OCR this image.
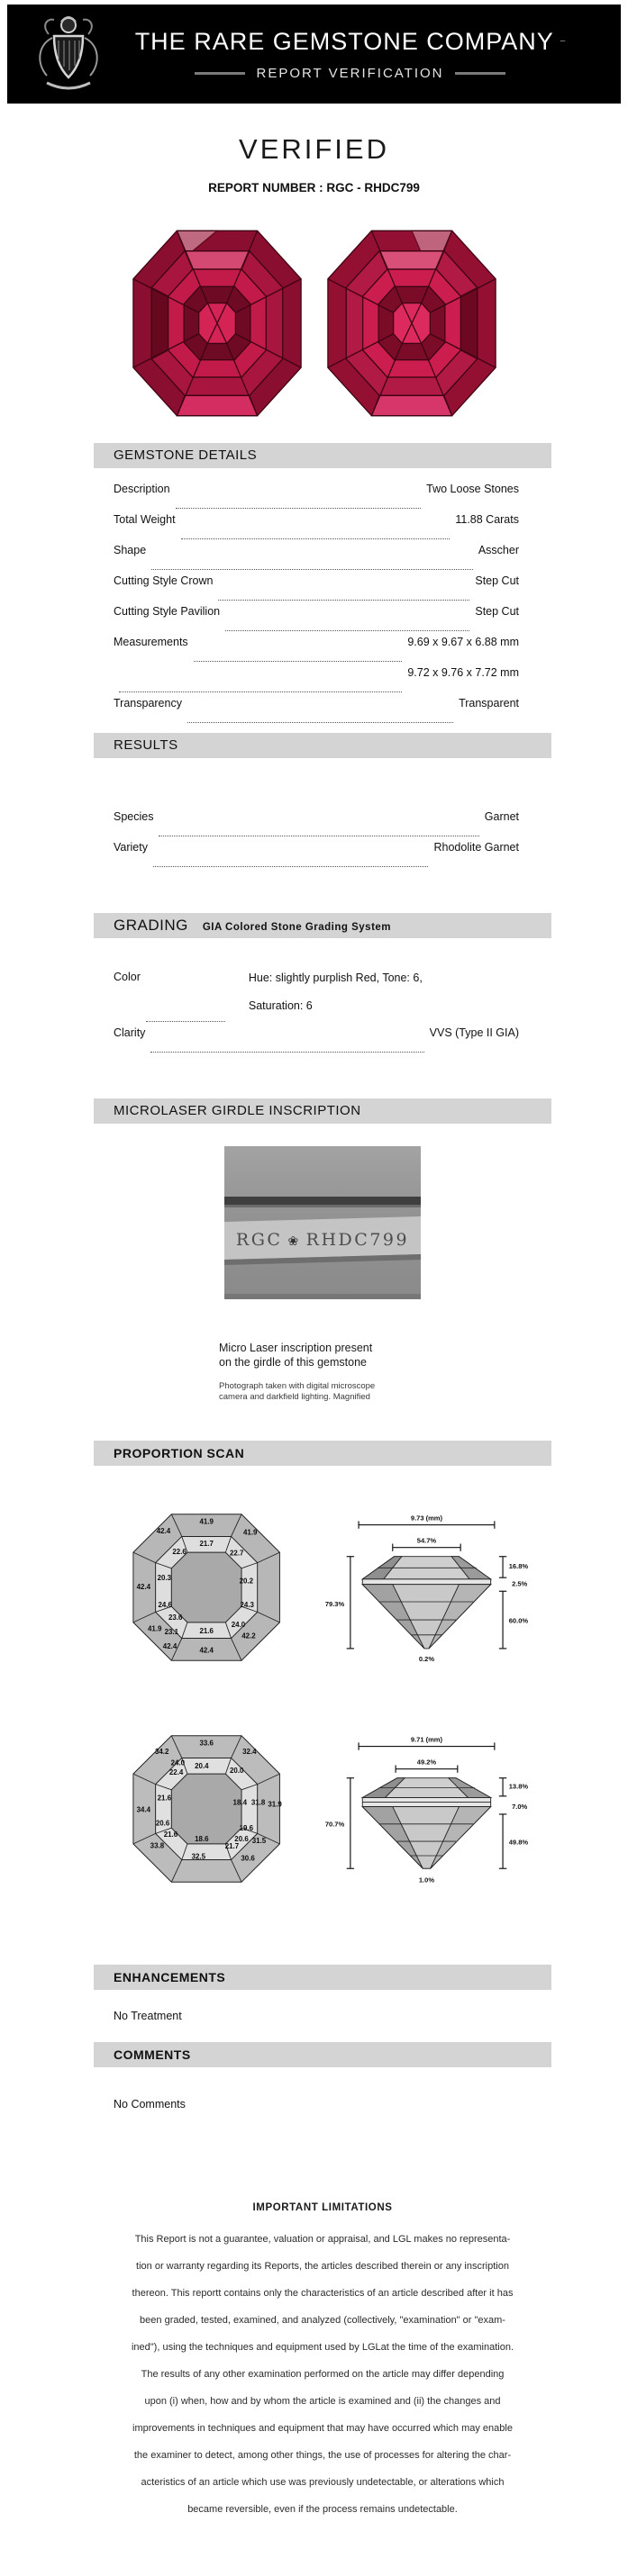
THE RARE GEMSTONE COMPANY –
REPORT VERIFICATION
VERIFIED
REPORT NUMBER : RGC - RHDC799
GEMSTONE DETAILS
Description	Two Loose Stones
Total Weight	11.88 Carats
Shape	Asscher
Cutting Style Crown	Step Cut
Cutting Style Pavilion	Step Cut
Measurements	9.69 x 9.67 x 6.88 mm
9.72 x 9.76 x 7.72 mm
Transparency	Transparent
RESULTS
Species	Garnet
Variety	Rhodolite Garnet
GRADING GIA Colored Stone Grading System
Color	Hue: slightly purplish Red, Tone: 6,
Saturation: 6
Clarity	VVS (Type II GIA)
MICROLASER GIRDLE INSCRIPTION
RGC ❀ RHDC799
Micro Laser inscription present
on the girdle of this gemstone
Photograph taken with digital microscope
camera and darkfield lighting. Magnified
PROPORTION SCAN
41.9
21.7
42.4
22.6
41.9
22.7
42.4
20.3
24.6
20.2
24.3
41.9
23.6
23.1
42.4
21.6
42.4
24.0
42.2
9.73 (mm)
54.7%
79.3%
16.8%
2.5%
60.0%
0.2%
33.6
20.4
34.2
24.0
22.4
32.4
20.0
34.4
21.6
20.6
21.6
18.4 31.8 31.9
19.6
20.6
21.7
31.5
30.6
18.6
32.5
33.8
9.71 (mm)
49.2%
70.7%
13.8%
7.0%
49.8%
1.0%
ENHANCEMENTS
No Treatment
COMMENTS
No Comments
IMPORTANT LIMITATIONS
This Report is not a guarantee, valuation or appraisal, and LGL makes no representa-
tion or warranty regarding its Reports, the articles described therein or any inscription
thereon. This reportt contains only the characteristics of an article described after it has
been graded, tested, examined, and analyzed (collectively, "examination" or "exam-
ined"), using the techniques and equipment used by LGLat the time of the examination.
The results of any other examination performed on the article may differ depending
upon (i) when, how and by whom the article is examined and (ii) the changes and
improvements in techniques and equipment that may have occurred which may enable
the examiner to detect, among other things, the use of processes for altering the char-
acteristics of an article which use was previously undetectable, or alterations which
became reversible, even if the process remains undetectable.
